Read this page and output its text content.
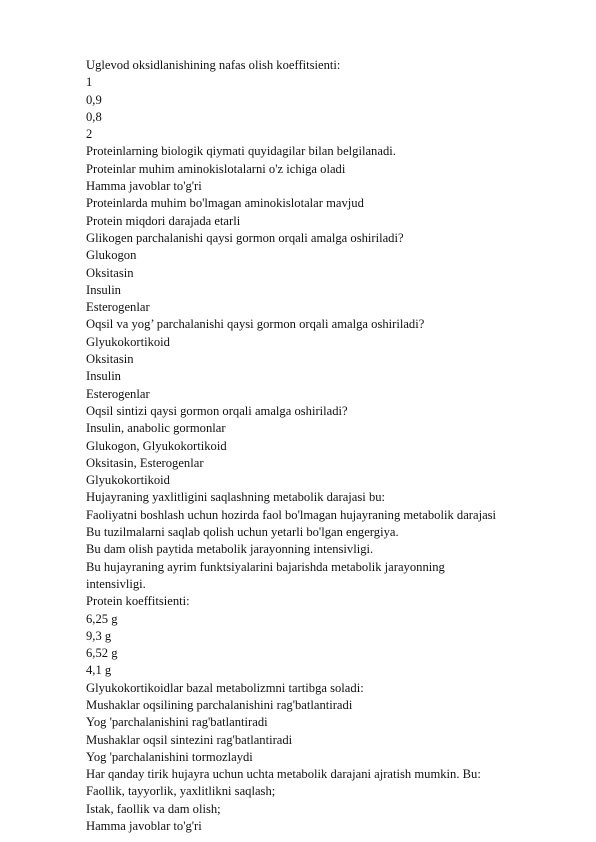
Uglevod oksidlanishining nafas olish koeffitsienti:
1
0,9
0,8
2
Proteinlarning biologik qiymati quyidagilar bilan belgilanadi.
Proteinlar muhim aminokislotalarni o'z ichiga oladi
Hamma javoblar to'g'ri
Proteinlarda muhim bo'lmagan aminokislotalar mavjud
Protein miqdori darajada etarli
Glikogen parchalanishi qaysi gormon orqali amalga oshiriladi?
Glukogon
Oksitasin
Insulin
Esterogenlar
Oqsil va yog’ parchalanishi qaysi gormon orqali amalga oshiriladi?
Glyukokortikoid
Oksitasin
Insulin
Esterogenlar
Oqsil sintizi qaysi gormon orqali amalga oshiriladi?
Insulin, anabolic gormonlar
Glukogon, Glyukokortikoid
Oksitasin, Esterogenlar
Glyukokortikoid
Hujayraning yaxlitligini saqlashning metabolik darajasi bu:
Faoliyatni boshlash uchun hozirda faol bo'lmagan hujayraning metabolik darajasi
Bu tuzilmalarni saqlab qolish uchun yetarli bo'lgan engergiya.
Bu dam olish paytida metabolik jarayonning intensivligi.
Bu hujayraning ayrim funktsiyalarini bajarishda metabolik jarayonning intensivligi.
Protein koeffitsienti:
6,25 g
9,3 g
6,52 g
4,1 g
Glyukokortikoidlar bazal metabolizmni tartibga soladi:
Mushaklar oqsilining parchalanishini rag'batlantiradi
Yog 'parchalanishini rag'batlantiradi
Mushaklar oqsil sintezini rag'batlantiradi
Yog 'parchalanishini tormozlaydi
Har qanday tirik hujayra uchun uchta metabolik darajani ajratish mumkin. Bu:
Faollik, tayyorlik, yaxlitlikni saqlash;
Istak, faollik va dam olish;
Hamma javoblar to'g'ri
